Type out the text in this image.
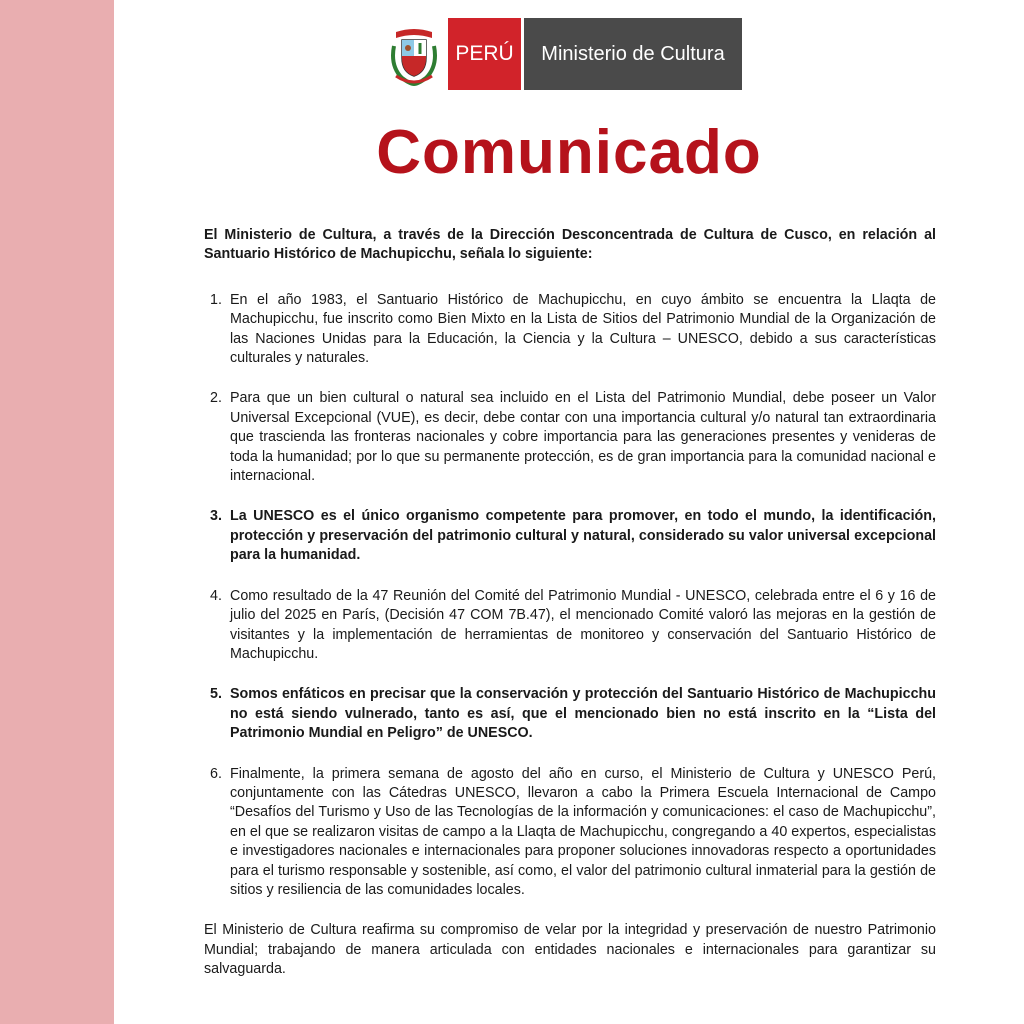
PERÚ	Ministerio de Cultura
Comunicado

El Ministerio de Cultura, a través de la Dirección Desconcentrada de Cultura de Cusco, en relación al Santuario Histórico de Machupicchu, señala lo siguiente:

1. En el año 1983, el Santuario Histórico de Machupicchu, en cuyo ámbito se encuentra la Llaqta de Machupicchu, fue inscrito como Bien Mixto en la Lista de Sitios del Patrimonio Mundial de la Organización de las Naciones Unidas para la Educación, la Ciencia y la Cultura – UNESCO, debido a sus características culturales y naturales.
2. Para que un bien cultural o natural sea incluido en el Lista del Patrimonio Mundial, debe poseer un Valor Universal Excepcional (VUE), es decir, debe contar con una importancia cultural y/o natural tan extraordinaria que trascienda las fronteras nacionales y cobre importancia para las generaciones presentes y venideras de toda la humanidad; por lo que su permanente protección, es de gran importancia para la comunidad nacional e internacional.
3. La UNESCO es el único organismo competente para promover, en todo el mundo, la identificación, protección y preservación del patrimonio cultural y natural, considerado su valor universal excepcional para la humanidad.
4. Como resultado de la 47 Reunión del Comité del Patrimonio Mundial - UNESCO, celebrada entre el 6 y 16 de julio del 2025 en París, (Decisión 47 COM 7B.47), el mencionado Comité valoró las mejoras en la gestión de visitantes y la implementación de herramientas de monitoreo y conservación del Santuario Histórico de Machupicchu.
5. Somos enfáticos en precisar que la conservación y protección del Santuario Histórico de Machupicchu no está siendo vulnerado, tanto es así, que el mencionado bien no está inscrito en la “Lista del Patrimonio Mundial en Peligro” de UNESCO.
6. Finalmente, la primera semana de agosto del año en curso, el Ministerio de Cultura y UNESCO Perú, conjuntamente con las Cátedras UNESCO, llevaron a cabo la Primera Escuela Internacional de Campo “Desafíos del Turismo y Uso de las Tecnologías de la información y comunicaciones: el caso de Machupicchu”, en el que se realizaron visitas de campo a la Llaqta de Machupicchu, congregando a 40 expertos, especialistas e investigadores nacionales e internacionales para proponer soluciones innovadoras respecto a oportunidades para el turismo responsable y sostenible, así como, el valor del patrimonio cultural inmaterial para la gestión de sitios y resiliencia de las comunidades locales.

El Ministerio de Cultura reafirma su compromiso de velar por la integridad y preservación de nuestro Patrimonio Mundial; trabajando de manera articulada con entidades nacionales e internacionales para garantizar su salvaguarda.
